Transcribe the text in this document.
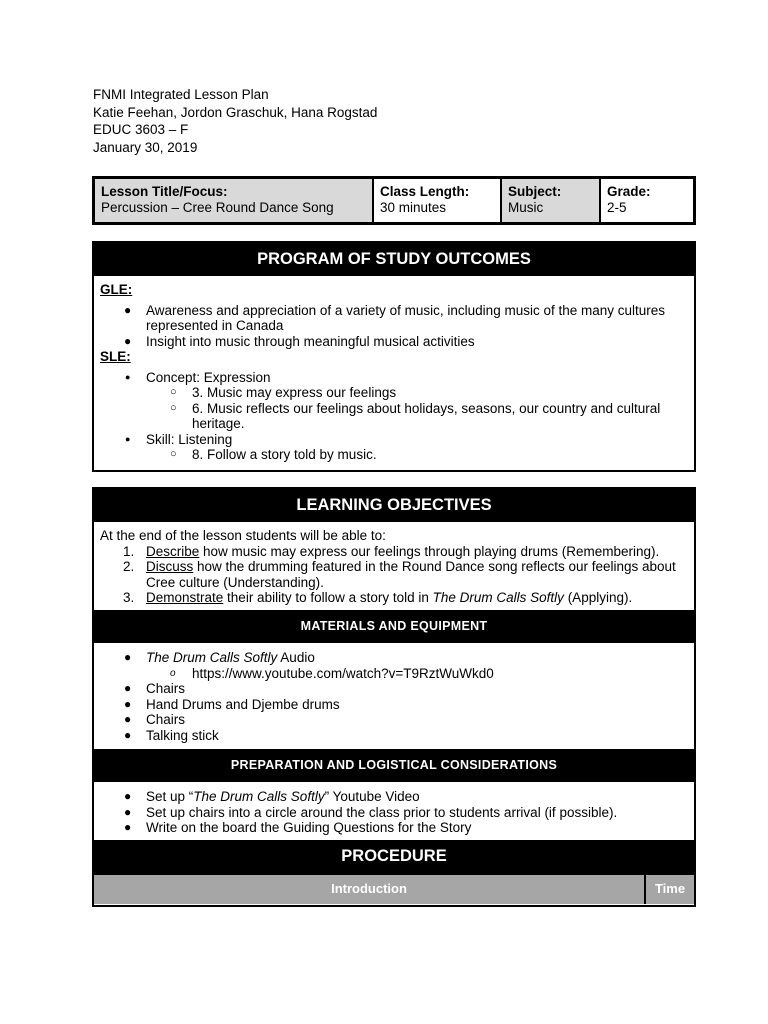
FNMI Integrated Lesson Plan
Katie Feehan, Jordon Graschuk, Hana Rogstad
EDUC 3603 – F
January 30, 2019
Lesson Title/Focus:
Percussion – Cree Round Dance Song
Class Length:
30 minutes
Subject:
Music
Grade:
2-5
PROGRAM OF STUDY OUTCOMES
GLE:
● Awareness and appreciation of a variety of music, including music of the many cultures represented in Canada
● Insight into music through meaningful musical activities
SLE:
● Concept: Expression
○ 3. Music may express our feelings
○ 6. Music reflects our feelings about holidays, seasons, our country and cultural heritage.
● Skill: Listening
○ 8. Follow a story told by music.
LEARNING OBJECTIVES
At the end of the lesson students will be able to:
1. Describe how music may express our feelings through playing drums (Remembering).
2. Discuss how the drumming featured in the Round Dance song reflects our feelings about Cree culture (Understanding).
3. Demonstrate their ability to follow a story told in The Drum Calls Softly (Applying).
MATERIALS AND EQUIPMENT
● The Drum Calls Softly Audio
o https://www.youtube.com/watch?v=T9RztWuWkd0
● Chairs
● Hand Drums and Djembe drums
● Chairs
● Talking stick
PREPARATION AND LOGISTICAL CONSIDERATIONS
● Set up “The Drum Calls Softly” Youtube Video
● Set up chairs into a circle around the class prior to students arrival (if possible).
● Write on the board the Guiding Questions for the Story
PROCEDURE
Introduction	Time
